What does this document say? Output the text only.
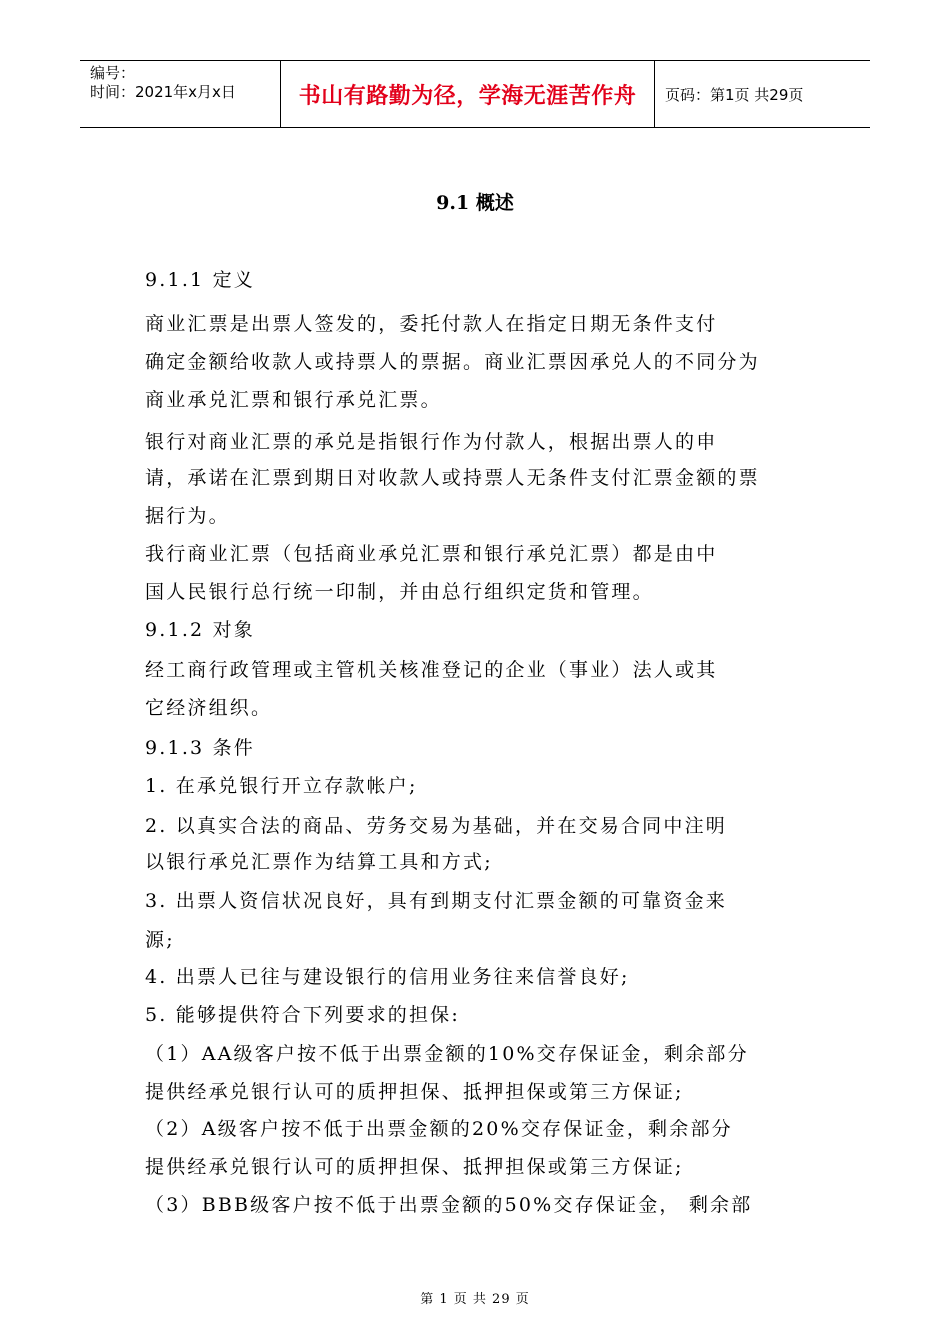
编号：
时间：2021年x月x日	书山有路勤为径，学海无涯苦作舟 页码：第1页 共29页
9.1 概述
9.1.1 定义
商业汇票是出票人签发的，委托付款人在指定日期无条件支付
确定金额给收款人或持票人的票据。商业汇票因承兑人的不同分为
商业承兑汇票和银行承兑汇票。
银行对商业汇票的承兑是指银行作为付款人，根据出票人的申
请，承诺在汇票到期日对收款人或持票人无条件支付汇票金额的票
据行为。
我行商业汇票（包括商业承兑汇票和银行承兑汇票）都是由中
国人民银行总行统一印制，并由总行组织定货和管理。
9.1.2 对象
经工商行政管理或主管机关核准登记的企业（事业）法人或其
它经济组织。
9.1.3 条件
1. 在承兑银行开立存款帐户;
2. 以真实合法的商品、劳务交易为基础，并在交易合同中注明
以银行承兑汇票作为结算工具和方式;
3. 出票人资信状况良好，具有到期支付汇票金额的可靠资金来
源;
4. 出票人已往与建设银行的信用业务往来信誉良好;
5. 能够提供符合下列要求的担保:
（1）AA级客户按不低于出票金额的10%交存保证金，剩余部分
提供经承兑银行认可的质押担保、抵押担保或第三方保证;
（2）A级客户按不低于出票金额的20%交存保证金，剩余部分
提供经承兑银行认可的质押担保、抵押担保或第三方保证;
（3）BBB级客户按不低于出票金额的50%交存保证金， 剩余部
第 1 页 共 29 页
